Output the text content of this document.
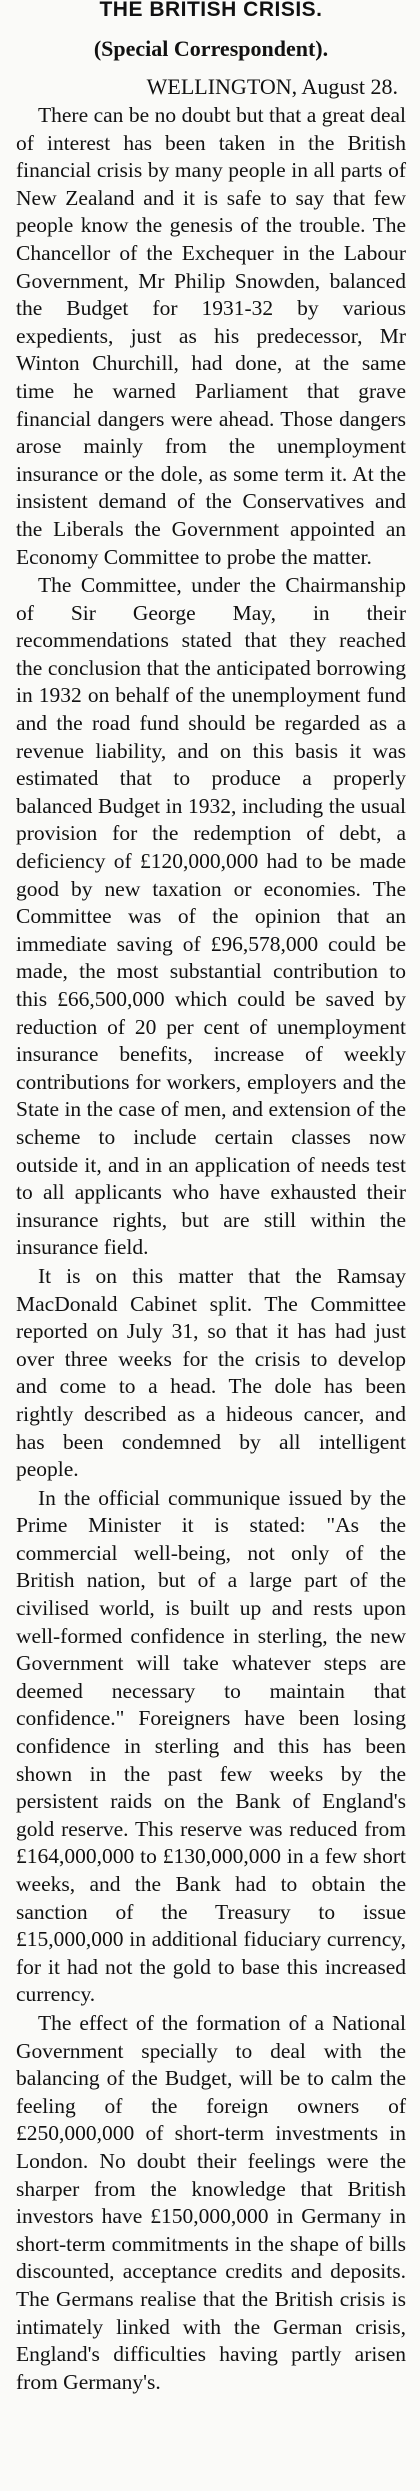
THE BRITISH CRISIS.
(Special Correspondent).
WELLINGTON, August 28.

There can be no doubt but that a great deal of interest has been taken in the British financial crisis by many people in all parts of New Zealand and it is safe to say that few people know the genesis of the trouble. The Chancellor of the Exchequer in the Labour Government, Mr Philip Snowden, balanced the Budget for 1931-32 by various expedients, just as his predecessor, Mr Winton Churchill, had done, at the same time he warned Parliament that grave financial dangers were ahead. Those dangers arose mainly from the unemployment insurance or the dole, as some term it. At the insistent demand of the Conservatives and the Liberals the Government appointed an Economy Committee to probe the matter.

The Committee, under the Chairmanship of Sir George May, in their recommendations stated that they reached the conclusion that the anticipated borrowing in 1932 on behalf of the unemployment fund and the road fund should be regarded as a revenue liability, and on this basis it was estimated that to produce a properly balanced Budget in 1932, including the usual provision for the redemption of debt, a deficiency of £120,000,000 had to be made good by new taxation or economies. The Committee was of the opinion that an immediate saving of £96,578,000 could be made, the most substantial contribution to this £66,500,000 which could be saved by reduction of 20 per cent of unemployment insurance benefits, increase of weekly contributions for workers, employers and the State in the case of men, and extension of the scheme to include certain classes now outside it, and in an application of needs test to all applicants who have exhausted their insurance rights, but are still within the insurance field.

It is on this matter that the Ramsay MacDonald Cabinet split. The Committee reported on July 31, so that it has had just over three weeks for the crisis to develop and come to a head. The dole has been rightly described as a hideous cancer, and has been condemned by all intelligent people.

In the official communique issued by the Prime Minister it is stated: "As the commercial well-being, not only of the British nation, but of a large part of the civilised world, is built up and rests upon well-formed confidence in sterling, the new Government will take whatever steps are deemed necessary to maintain that confidence." Foreigners have been losing confidence in sterling and this has been shown in the past few weeks by the persistent raids on the Bank of England's gold reserve. This reserve was reduced from £164,000,000 to £130,000,000 in a few short weeks, and the Bank had to obtain the sanction of the Treasury to issue £15,000,000 in additional fiduciary currency, for it had not the gold to base this increased currency.

The effect of the formation of a National Government specially to deal with the balancing of the Budget, will be to calm the feeling of the foreign owners of £250,000,000 of short-term investments in London. No doubt their feelings were the sharper from the knowledge that British investors have £150,000,000 in Germany in short-term commitments in the shape of bills discounted, acceptance credits and deposits. The Germans realise that the British crisis is intimately linked with the German crisis, England's difficulties having partly arisen from Germany's.
